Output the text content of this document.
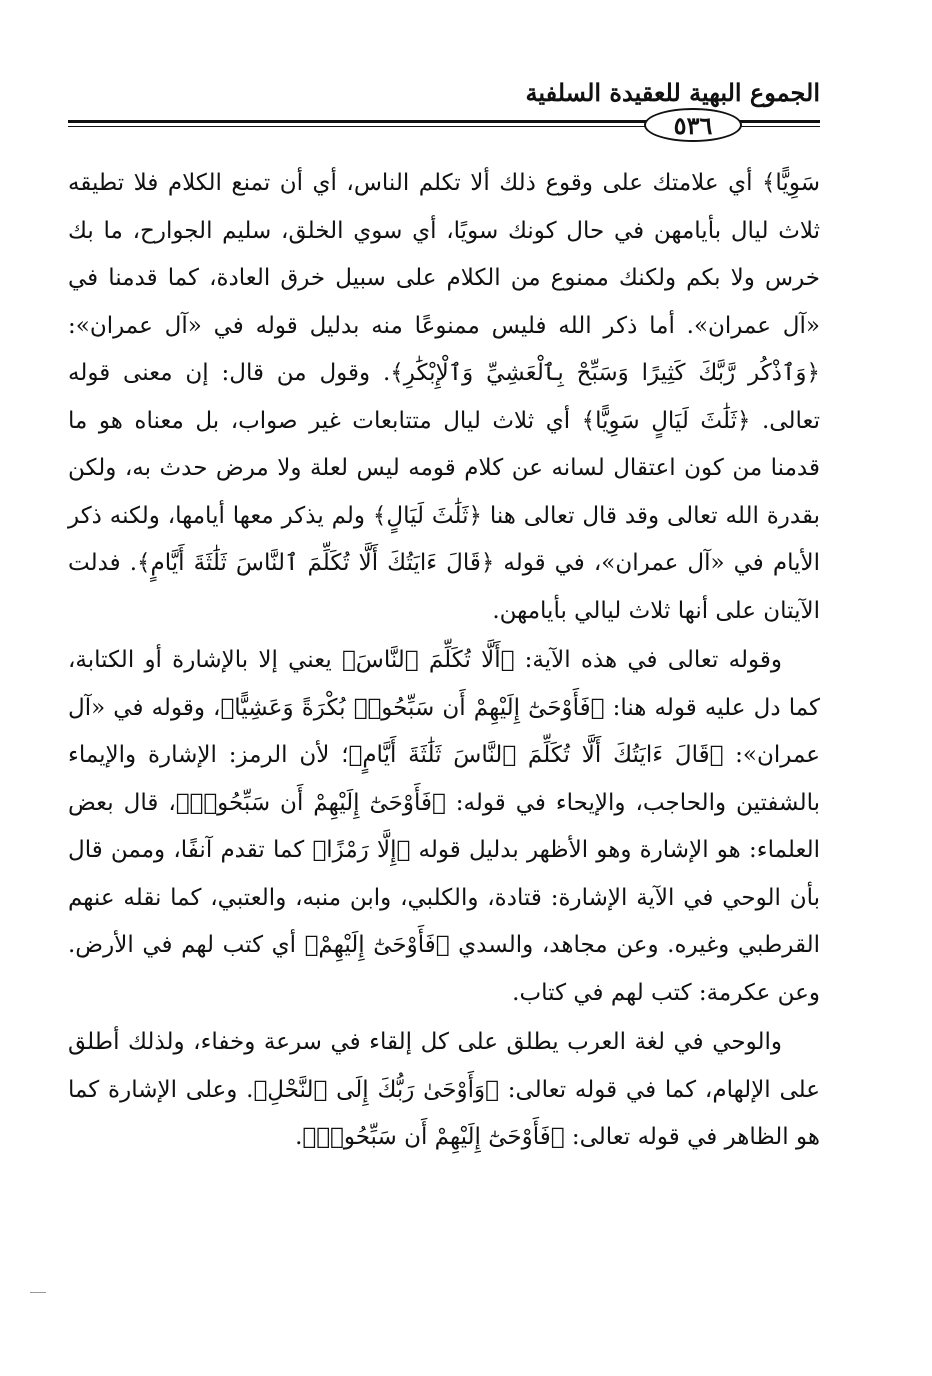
الجموع البهية للعقيدة السلفية
٥٣٦

سَوِيًّا﴾ أي علامتك على وقوع ذلك ألا تكلم الناس، أي أن تمنع الكلام فلا تطيقه ثلاث ليال بأيامهن في حال كونك سويًا، أي سوي الخلق، سليم الجوارح، ما بك خرس ولا بكم ولكنك ممنوع من الكلام على سبيل خرق العادة، كما قدمنا في «آل عمران». أما ذكر الله فليس ممنوعًا منه بدليل قوله في «آل عمران»: ﴿وَٱذْكُر رَّبَّكَ كَثِيرًا وَسَبِّحْ بِٱلْعَشِيِّ وَٱلْإِبْكَٰرِ﴾. وقول من قال: إن معنى قوله تعالى. ﴿ثَلَٰثَ لَيَالٍ سَوِيًّا﴾ أي ثلاث ليال متتابعات غير صواب، بل معناه هو ما قدمنا من كون اعتقال لسانه عن كلام قومه ليس لعلة ولا مرض حدث به، ولكن بقدرة الله تعالى وقد قال تعالى هنا ﴿ثَلَٰثَ لَيَالٍ﴾ ولم يذكر معها أيامها، ولكنه ذكر الأيام في «آل عمران»، في قوله ﴿قَالَ ءَايَتُكَ أَلَّا تُكَلِّمَ ٱلنَّاسَ ثَلَٰثَةَ أَيَّامٍ﴾. فدلت الآيتان على أنها ثلاث ليالي بأيامهن.

وقوله تعالى في هذه الآية: ﴿أَلَّا تُكَلِّمَ ٱلنَّاسَ﴾ يعني إلا بالإشارة أو الكتابة، كما دل عليه قوله هنا: ﴿فَأَوْحَىٰٓ إِلَيْهِمْ أَن سَبِّحُوا۟ بُكْرَةً وَعَشِيًّا﴾، وقوله في «آل عمران»: ﴿قَالَ ءَايَتُكَ أَلَّا تُكَلِّمَ ٱلنَّاسَ ثَلَٰثَةَ أَيَّامٍ﴾؛ لأن الرمز: الإشارة والإيماء بالشفتين والحاجب، والإيحاء في قوله: ﴿فَأَوْحَىٰٓ إِلَيْهِمْ أَن سَبِّحُوا۟﴾، قال بعض العلماء: هو الإشارة وهو الأظهر بدليل قوله ﴿إِلَّا رَمْزًا﴾ كما تقدم آنفًا، وممن قال بأن الوحي في الآية الإشارة: قتادة، والكلبي، وابن منبه، والعتبي، كما نقله عنهم القرطبي وغيره. وعن مجاهد، والسدي ﴿فَأَوْحَىٰٓ إِلَيْهِمْ﴾ أي كتب لهم في الأرض. وعن عكرمة: كتب لهم في كتاب.

والوحي في لغة العرب يطلق على كل إلقاء في سرعة وخفاء، ولذلك أطلق على الإلهام، كما في قوله تعالى: ﴿وَأَوْحَىٰ رَبُّكَ إِلَى ٱلنَّحْلِ﴾. وعلى الإشارة كما هو الظاهر في قوله تعالى: ﴿فَأَوْحَىٰٓ إِلَيْهِمْ أَن سَبِّحُوا۟﴾.
